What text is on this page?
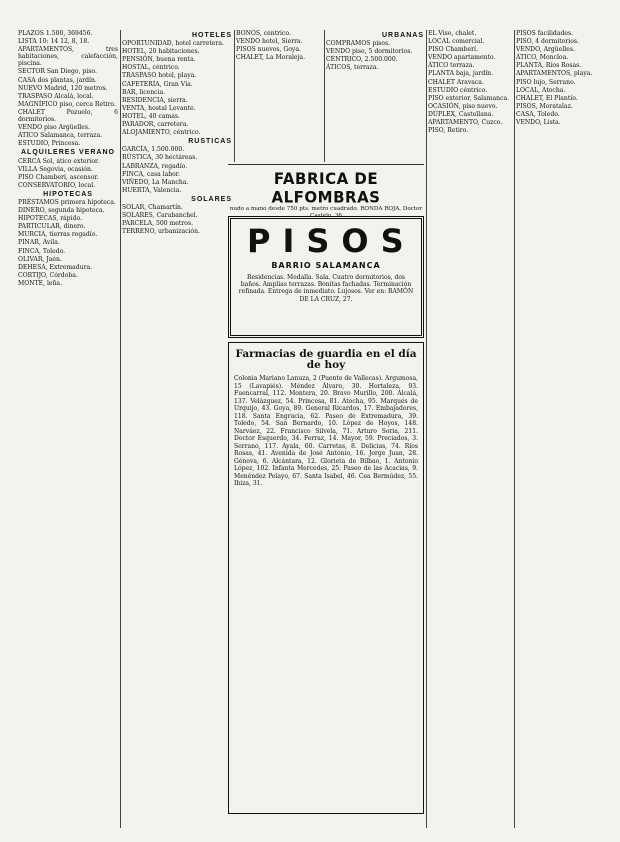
PLAZOS 1.500, 369456.
LISTA 10: 14 12, 8, 18.
APARTAMENTOS, tres habitaciones, calefacción, piscina.
SECTOR San Diego, piso.
CASA dos plantas, jardín.
NUEVO Madrid, 120 metros.
TRASPASO Alcalá, local.
MAGNÍFICO piso, cerca Retiro.
CHALET Pozuelo, 6 dormitorios.
VENDO piso Argüelles.
ÁTICO Salamanca, terraza.
ESTUDIO, Princesa.
ALQUILERES VERANO
CERCA Sol, ático exterior.
VILLA Segovia, ocasión.
PISO Chamberí, ascensor.
CONSERVATORIO, local.
HIPOTECAS
PRÉSTAMOS primera hipoteca.
DINERO, segunda hipoteca.
HIPOTECAS, rápido.
PARTICULAR, dinero.
MURCIA, tierras regadío.
PINAR, Ávila.
FINCA, Toledo.
OLIVAR, Jaén.
DEHESA, Extremadura.
CORTIJO, Córdoba.
MONTE, leña.
HOTELES
OPORTUNIDAD, hotel carretera.
HOTEL, 20 habitaciones.
PENSIÓN, buena renta.
HOSTAL, céntrico.
TRASPASO hotel, playa.
CAFETERÍA, Gran Vía.
BAR, licencia.
RESIDENCIA, sierra.
VENTA, hostal Levante.
HOTEL, 40 camas.
PARADOR, carretera.
ALOJAMIENTO, céntrico.
RUSTICAS
GARCÍA, 1.500.000.
RÚSTICA, 30 hectáreas.
LABRANZA, regadío.
FINCA, casa labor.
VIÑEDO, La Mancha.
HUERTA, Valencia.
SOLARES
SOLAR, Chamartín.
SOLARES, Carabanchel.
PARCELA, 500 metros.
TERRENO, urbanización.
BONOS, céntrico.
VENDO hotel, Sierra.
PISOS nuevos, Goya.
CHALET, La Moraleja.
URBANAS
COMPRAMOS pisos.
VENDO piso, 5 dormitorios.
CÉNTRICO, 2.500.000.
ÁTICOS, terraza.
EL Viso, chalet.
LOCAL comercial.
PISO Chamberí.
VENDO apartamento.
ÁTICO terraza.
PLANTA baja, jardín.
CHALET Aravaca.
ESTUDIO céntrico.
PISO exterior, Salamanca.
OCASIÓN, piso nuevo.
DÚPLEX, Castellana.
APARTAMENTO, Cuzco.
PISO, Retiro.
PISOS facilidades.
PISO, 4 dormitorios.
VENDO, Argüelles.
ÁTICO, Moncloa.
PLANTA, Ríos Rosas.
APARTAMENTOS, playa.
PISO lujo, Serrano.
LOCAL, Atocha.
CHALET, El Plantío.
PISOS, Moratalaz.
CASA, Toledo.
VENDO, Lista.
FABRICA DE ALFOMBRAS
nudo a mano desde 750 pts. metro cuadrado. RONDA ROJA, Doctor
PISOS
BARRIO SALAMANCA
Residencias. Medalla. Sala. Cuatro dormitorios, dos baños. Amplias terrazas. Bonitas fachadas. Terminación refinada. Entrega de inmediato. Lujosos. Ver en: RAMÓN DE LA CRUZ, 27.
Farmacias de guardia en el día de hoy
Colonia Mariano Lanuza, 2 (Puente de Vallecas). Argumosa, 15 (Lavapiés). Méndez Álvaro, 30. Hortaleza, 93. Fuencarral, 112. Montera, 20. Bravo Murillo, 200. Alcalá, 137. Velázquez, 54. Princesa, 81. Atocha, 95. Marqués de Urquijo, 43. Goya, 89. General Ricardos, 17. Embajadores, 118. Santa Engracia, 62. Paseo de Extremadura, 39. Toledo, 54. San Bernardo, 10. López de Hoyos, 148. Narváez, 22. Francisco Silvela, 71. Arturo Soria, 211. Doctor Esquerdo, 34. Ferraz, 14. Mayor, 59. Preciados, 3. Serrano, 117. Ayala, 60. Carretas, 8. Delicias, 74. Ríos Rosas, 41. Avenida de José Antonio, 16. Jorge Juan, 28. Génova, 6. Alcántara, 12. Glorieta de Bilbao, 1. Antonio López, 102. Infanta Mercedes, 25. Paseo de las Acacias, 9. Menéndez Pelayo, 67. Santa Isabel, 46. Cea Bermúdez, 55. Ibiza, 31.
